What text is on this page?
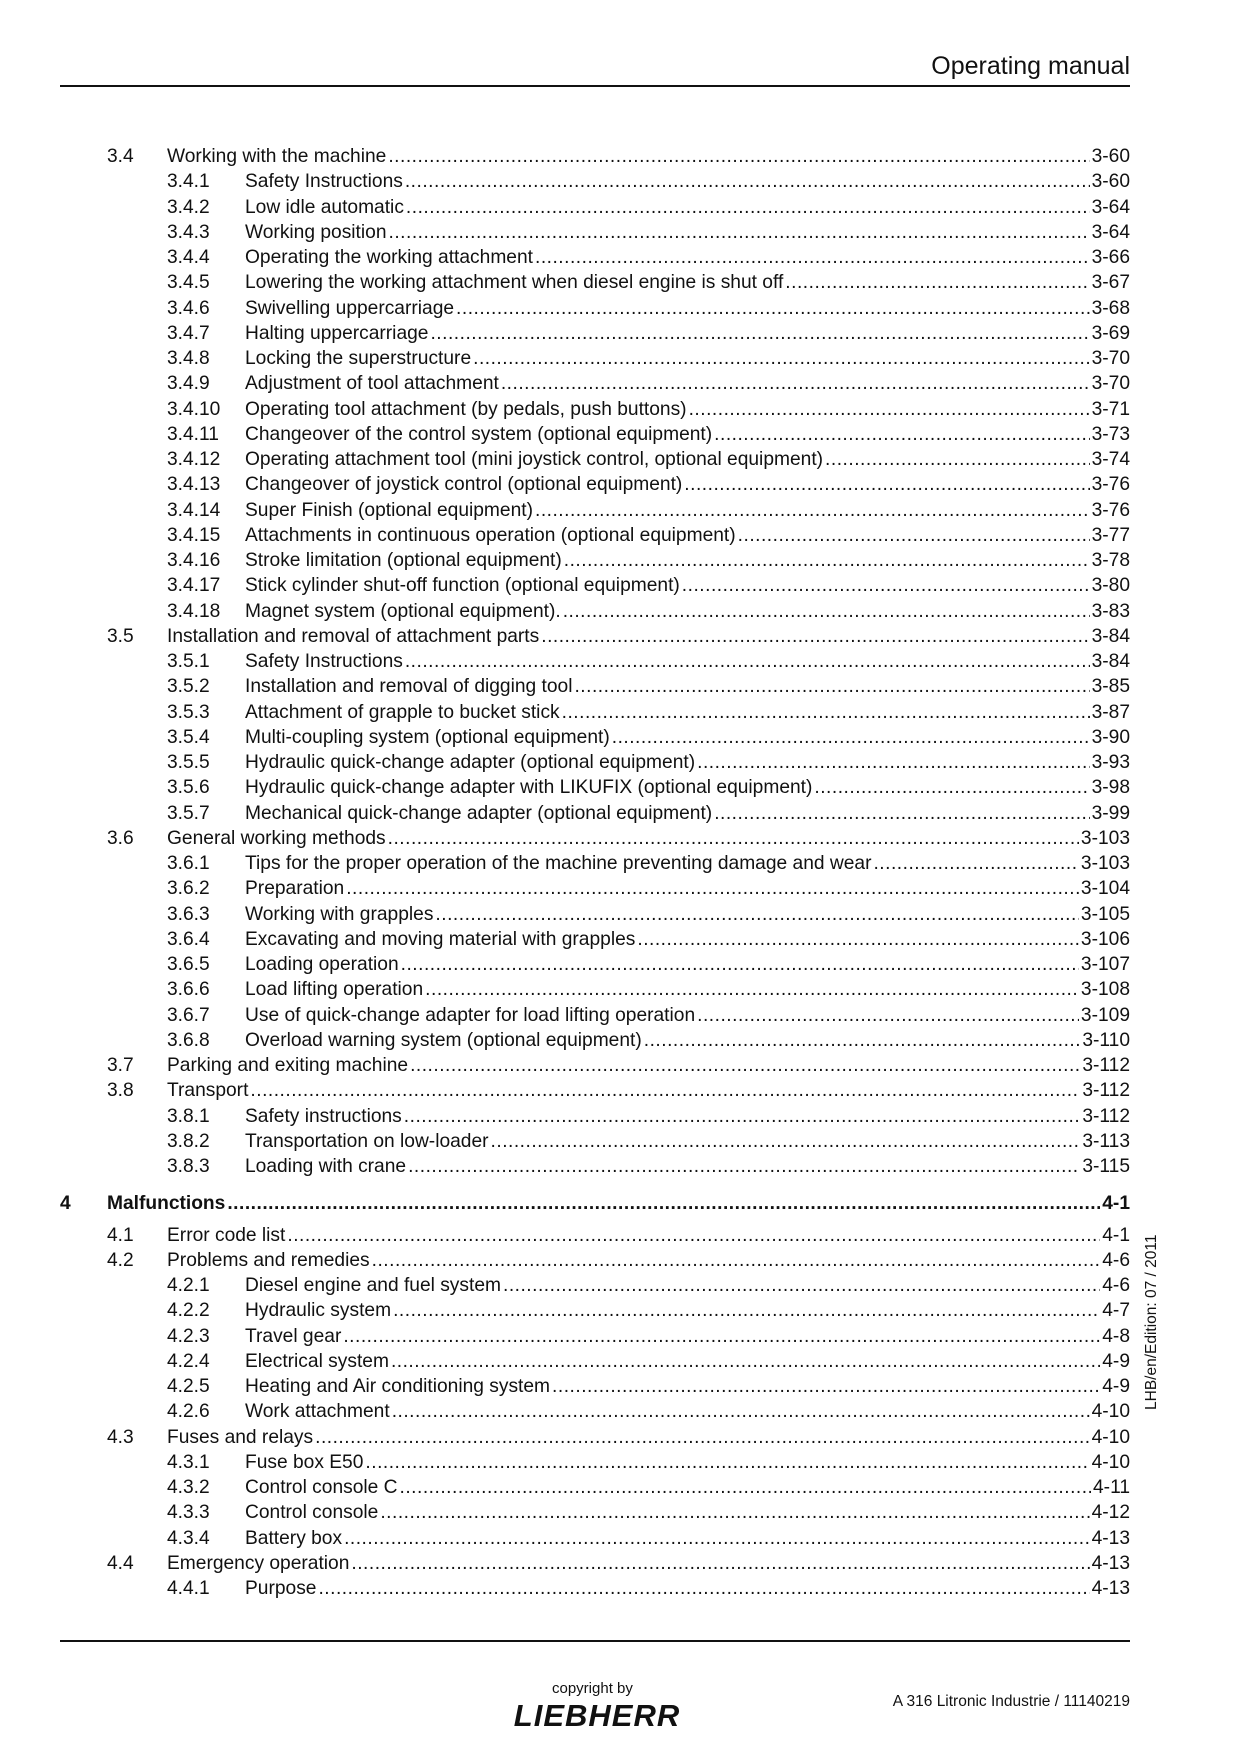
Operating manual
3.4 Working with the machine .....	3-60
3.4.1 Safety Instructions .....	3-60
3.4.2 Low idle automatic .....	3-64
3.4.3 Working position .....	3-64
3.4.4 Operating the working attachment .....	3-66
3.4.5 Lowering the working attachment when diesel engine is shut off .....	3-67
3.4.6 Swivelling uppercarriage .....	3-68
3.4.7 Halting uppercarriage .....	3-69
3.4.8 Locking the superstructure .....	3-70
3.4.9 Adjustment of tool attachment .....	3-70
3.4.10 Operating tool attachment (by pedals, push buttons) .....	3-71
3.4.11 Changeover of the control system (optional equipment) .....	3-73
3.4.12 Operating attachment tool (mini joystick control, optional equipment) .....	3-74
3.4.13 Changeover of joystick control (optional equipment) .....	3-76
3.4.14 Super Finish (optional equipment) .....	3-76
3.4.15 Attachments in continuous operation (optional equipment) .....	3-77
3.4.16 Stroke limitation (optional equipment) .....	3-78
3.4.17 Stick cylinder shut-off function (optional equipment) .....	3-80
3.4.18 Magnet system (optional equipment). .....	3-83
3.5 Installation and removal of attachment parts .....	3-84
3.5.1 Safety Instructions .....	3-84
3.5.2 Installation and removal of digging tool .....	3-85
3.5.3 Attachment of grapple to bucket stick .....	3-87
3.5.4 Multi-coupling system (optional equipment) .....	3-90
3.5.5 Hydraulic quick-change adapter (optional equipment) .....	3-93
3.5.6 Hydraulic quick-change adapter with LIKUFIX (optional equipment) .....	3-98
3.5.7 Mechanical quick-change adapter (optional equipment) .....	3-99
3.6 General working methods .....	3-103
3.6.1 Tips for the proper operation of the machine preventing damage and wear .....	3-103
3.6.2 Preparation .....	3-104
3.6.3 Working with grapples .....	3-105
3.6.4 Excavating and moving material with grapples .....	3-106
3.6.5 Loading operation .....	3-107
3.6.6 Load lifting operation .....	3-108
3.6.7 Use of quick-change adapter for load lifting operation .....	3-109
3.6.8 Overload warning system (optional equipment) .....	3-110
3.7 Parking and exiting machine .....	3-112
3.8 Transport .....	3-112
3.8.1 Safety instructions .....	3-112
3.8.2 Transportation on low-loader .....	3-113
3.8.3 Loading with crane .....	3-115
4 Malfunctions .....	4-1
4.1 Error code list .....	4-1
4.2 Problems and remedies .....	4-6
4.2.1 Diesel engine and fuel system .....	4-6
4.2.2 Hydraulic system .....	4-7
4.2.3 Travel gear .....	4-8
4.2.4 Electrical system .....	4-9
4.2.5 Heating and Air conditioning system .....	4-9
4.2.6 Work attachment .....	4-10
4.3 Fuses and relays .....	4-10
4.3.1 Fuse box E50 .....	4-10
4.3.2 Control console C .....	4-11
4.3.3 Control console .....	4-12
4.3.4 Battery box .....	4-13
4.4 Emergency operation .....	4-13
4.4.1 Purpose .....	4-13
LHB/en/Edition: 07 / 2011
copyright by
LIEBHERR	A 316 Litronic Industrie / 11140219
